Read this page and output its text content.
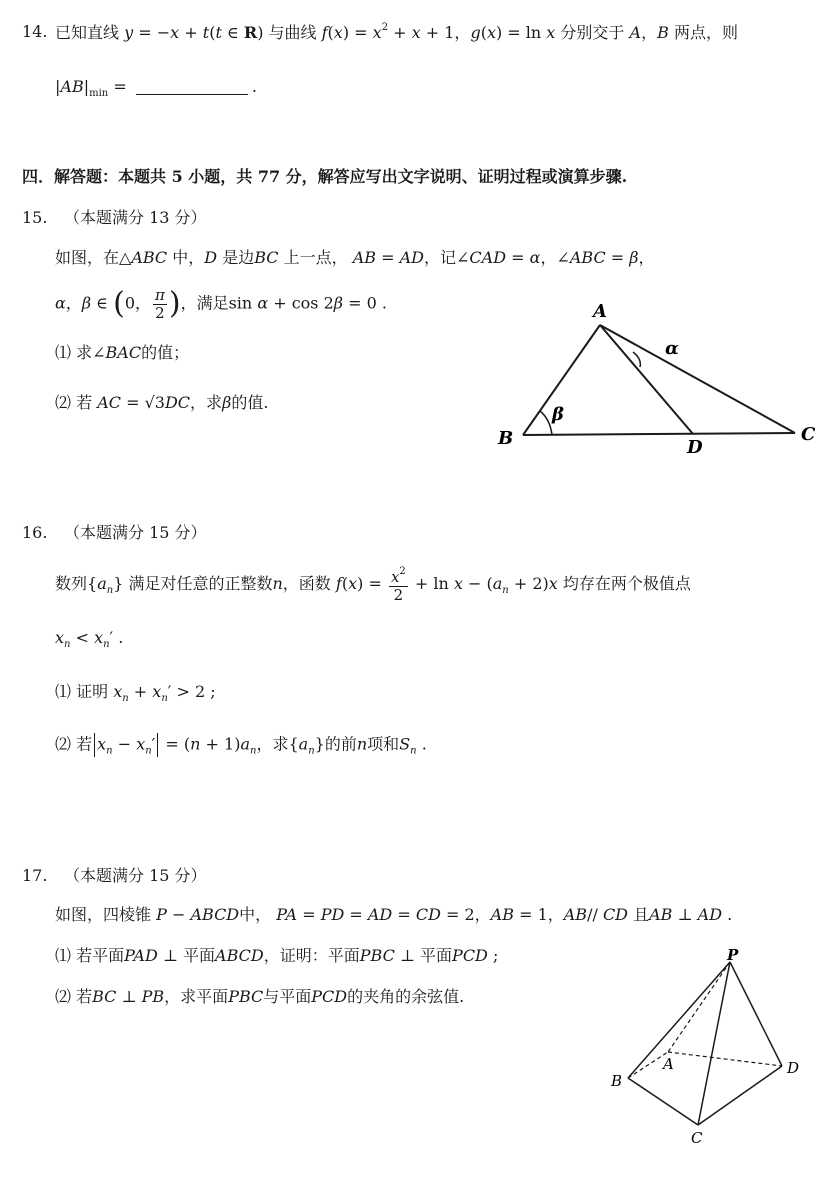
14. 已知直线 y = −x + t(t ∈ R) 与曲线 $f(x) = x^2 + x + 1$，g(x) = ln x 分别交于 A，B 两点，则
$|AB|_{min}$ =	.
四．解答题：本题共 5 小题，共 77 分，解答应写出文字说明、证明过程或演算步骤.
15. （本题满分 13 分）
如图，在△ABC 中，D 是边BC 上一点， AB = AD，记∠CAD = α，∠ABC = β，
α，β ∈ (0， $\frac{\pi}{2}$ )，满足sin α + cos 2β = 0 .
⑴ 求∠BAC的值；
⑵ 若 AC = √3DC，求β的值.
A
B	C
D
α
β
16. （本题满分 15 分）
数列$\{a_n\}$ 满足对任意的正整数n，函数 $f(x) = \frac{x^2}{2} + \ln x - (a_n + 2)x$ 均存在两个极值点
$x_n < x_n'$ .
⑴ 证明 $x_n + x_n' > 2$ ;
⑵ 若 $x_n - x_n' = (n + 1)a_n$，求$\{a_n\}$的前n项和$S_n$ .
17. （本题满分 15 分）
如图，四棱锥 P − ABCD中， PA = PD = AD = CD = 2，AB = 1，AB// CD 且AB ⊥ AD .
⑴ 若平面PAD ⊥ 平面ABCD，证明：平面PBC ⊥ 平面PCD ;
⑵ 若BC ⊥ PB，求平面PBC与平面PCD的夹角的余弦值.
P
A
B
C
D
